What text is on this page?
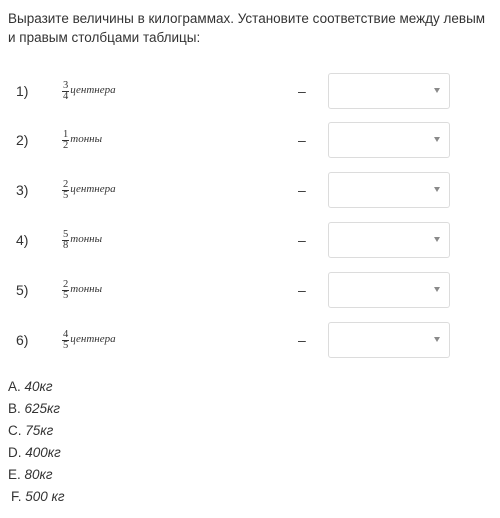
Выразите величины в килограммах. Установите соответствие между левым и правым столбцами таблицы:
1)	$\frac{3}{4}$ центнера	–
2)	$\frac{1}{2}$ тонны	–
3)	$\frac{2}{5}$ центнера	–
4)	$\frac{5}{8}$ тонны	–
5)	$\frac{2}{5}$ тонны	–
6)	$\frac{4}{5}$ центнера	–
A. 40кг
B. 625кг
C. 75кг
D. 400кг
E. 80кг
F. 500 кг
